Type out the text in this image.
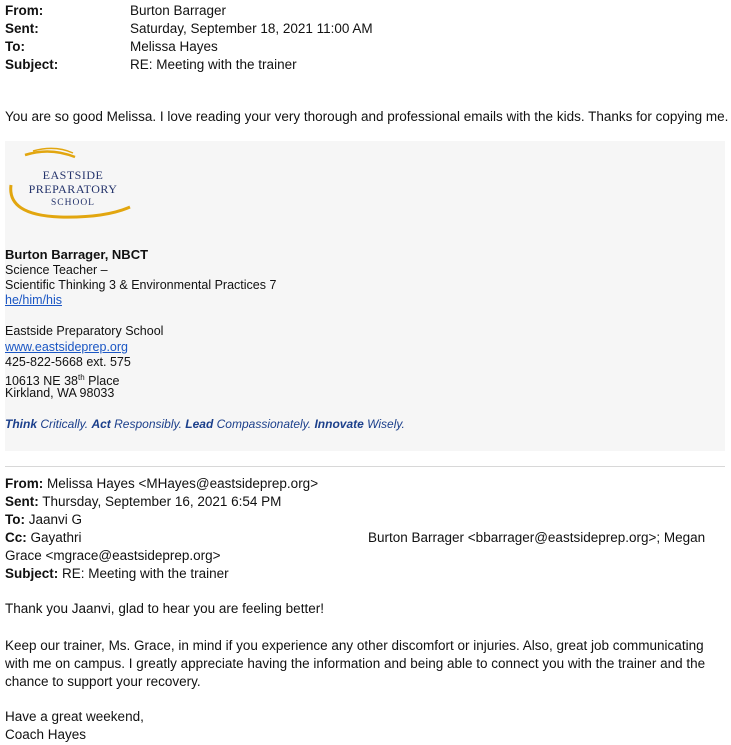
From:	Burton Barrager
Sent:	Saturday, September 18, 2021 11:00 AM
To:	Melissa Hayes
Subject:	RE: Meeting with the trainer
You are so good Melissa. I love reading your very thorough and professional emails with the kids. Thanks for copying me.
EASTSIDE
PREPARATORY
SCHOOL
Burton Barrager, NBCT
Science Teacher –
Scientific Thinking 3 & Environmental Practices 7
he/him/his
Eastside Preparatory School
www.eastsideprep.org
425-822-5668 ext. 575
10613 NE 38th Place
Kirkland, WA 98033
Think Critically. Act Responsibly. Lead Compassionately. Innovate Wisely.
From: Melissa Hayes <MHayes@eastsideprep.org>
Sent: Thursday, September 16, 2021 6:54 PM
To: Jaanvi G
Cc: Gayathri	Burton Barrager <bbarrager@eastsideprep.org>; Megan
Grace <mgrace@eastsideprep.org>
Subject: RE: Meeting with the trainer
Thank you Jaanvi, glad to hear you are feeling better!
Keep our trainer, Ms. Grace, in mind if you experience any other discomfort or injuries. Also, great job communicating
with me on campus. I greatly appreciate having the information and being able to connect you with the trainer and the
chance to support your recovery.
Have a great weekend,
Coach Hayes
